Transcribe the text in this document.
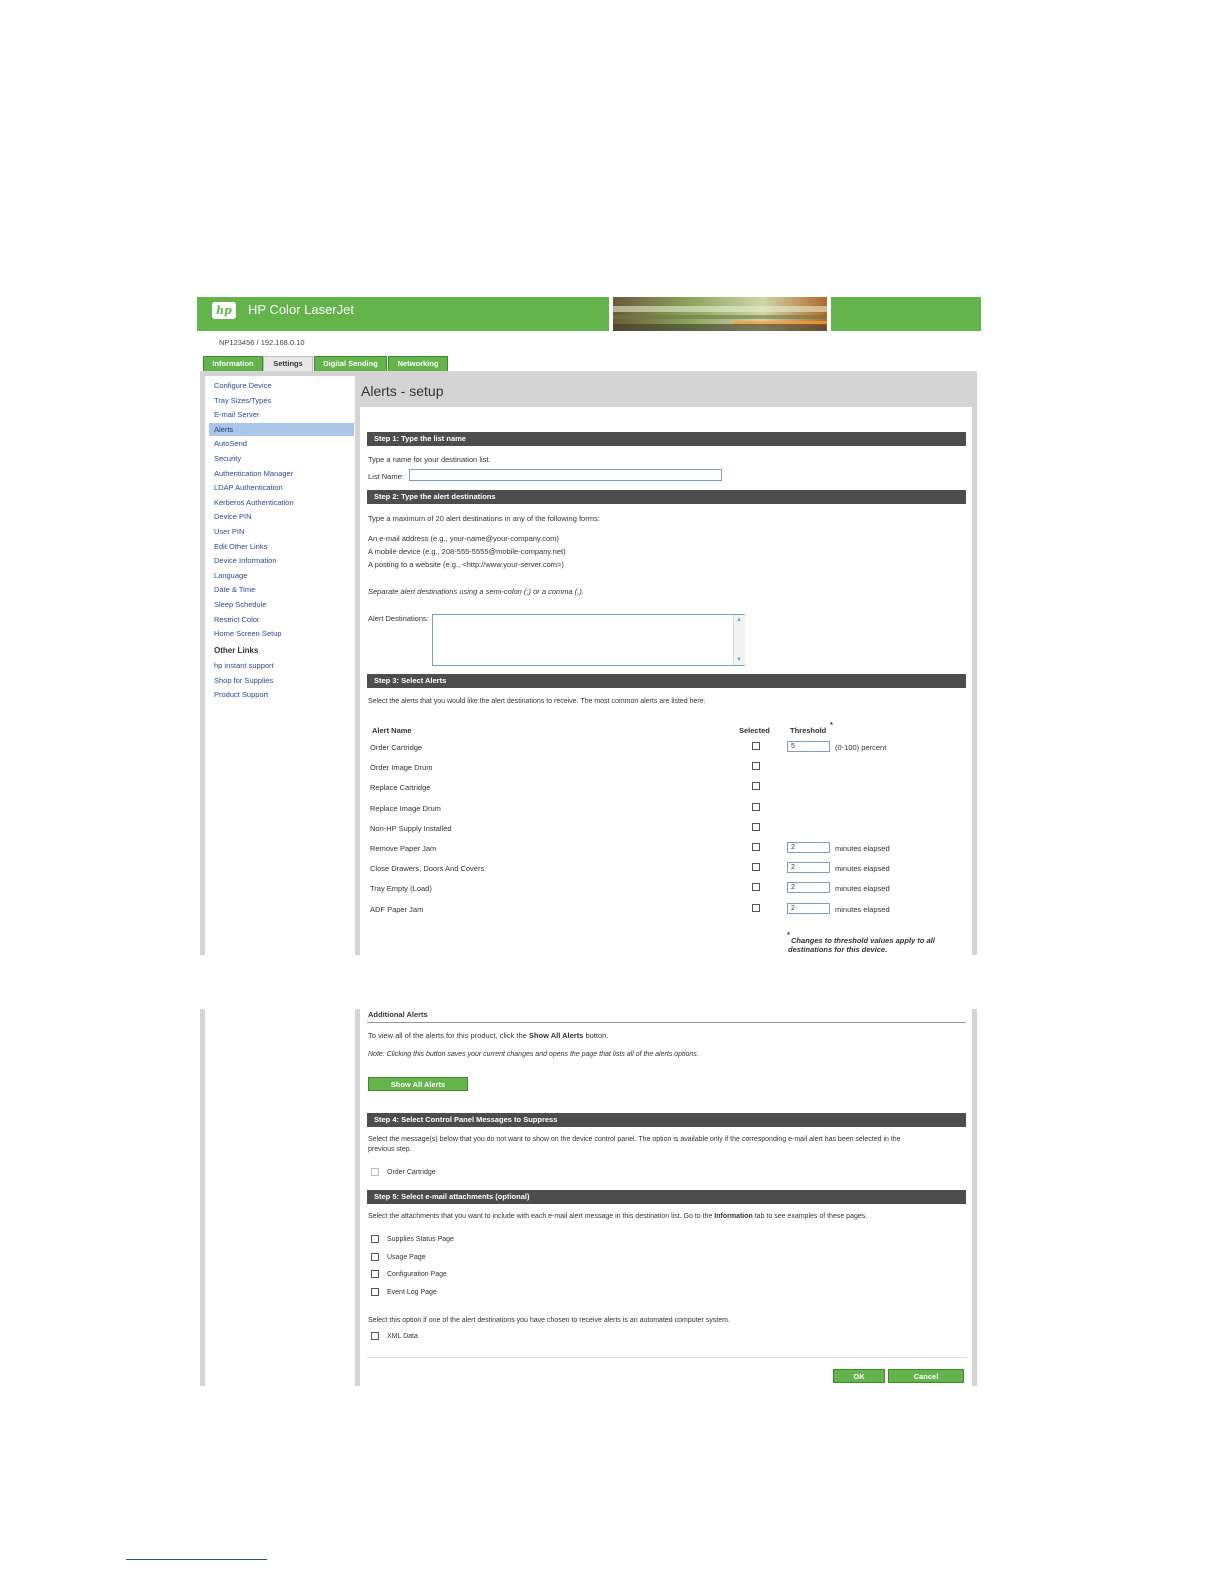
hp	HP Color LaserJet
NP123456 / 192.168.0.10
Information	Settings	Digital Sending	Networking
Alerts - setup
Configure Device
Tray Sizes/Types
E-mail Server
Alerts
AutoSend
Security
Authentication Manager
LDAP Authentication
Kerberos Authentication
Device PIN
User PIN
Edit Other Links
Device Information
Language
Date & Time
Sleep Schedule
Restrict Color
Home Screen Setup
Other Links
hp instant support
Shop for Supplies
Product Support
Step 1: Type the list name
Type a name for your destination list.
List Name:
Step 2: Type the alert destinations
Type a maximum of 20 alert destinations in any of the following forms:
An e-mail address (e.g., your-name@your-company.com)
A mobile device (e.g., 208-555-5555@mobile-company.net)
A posting to a website (e.g., <http://www.your-server.com>)
Separate alert destinations using a semi-colon (;) or a comma (,).
Alert Destinations:	▲
▼
Step 3: Select Alerts
Select the alerts that you would like the alert destinations to receive. The most common alerts are listed here.
Alert Name	Selected	Threshold
*
Order Cartridge	5	(0-100) percent
Order Image Drum
Replace Cartridge
Replace Image Drum
Non-HP Supply Installed
Remove Paper Jam	2	minutes elapsed
Close Drawers, Doors And Covers	2	minutes elapsed
Tray Empty (Load)	2	minutes elapsed
ADF Paper Jam	2	minutes elapsed
*
Changes to threshold values apply to all
destinations for this device.
Additional Alerts
To view all of the alerts for this product, click the Show All Alerts button.
Note: Clicking this button saves your current changes and opens the page that lists all of the alerts options.
Show All Alerts
Step 4: Select Control Panel Messages to Suppress
Select the message(s) below that you do not want to show on the device control panel. The option is available only if the corresponding e-mail alert has been selected in the
previous step.
Order Cartridge
Step 5: Select e-mail attachments (optional)
Select the attachments that you want to include with each e-mail alert message in this destination list. Go to the Information tab to see examples of these pages.
Supplies Status Page
Usage Page
Configuration Page
Event Log Page
Select this option if one of the alert destinations you have chosen to receive alerts is an automated computer system.
XML Data
OK	Cancel
